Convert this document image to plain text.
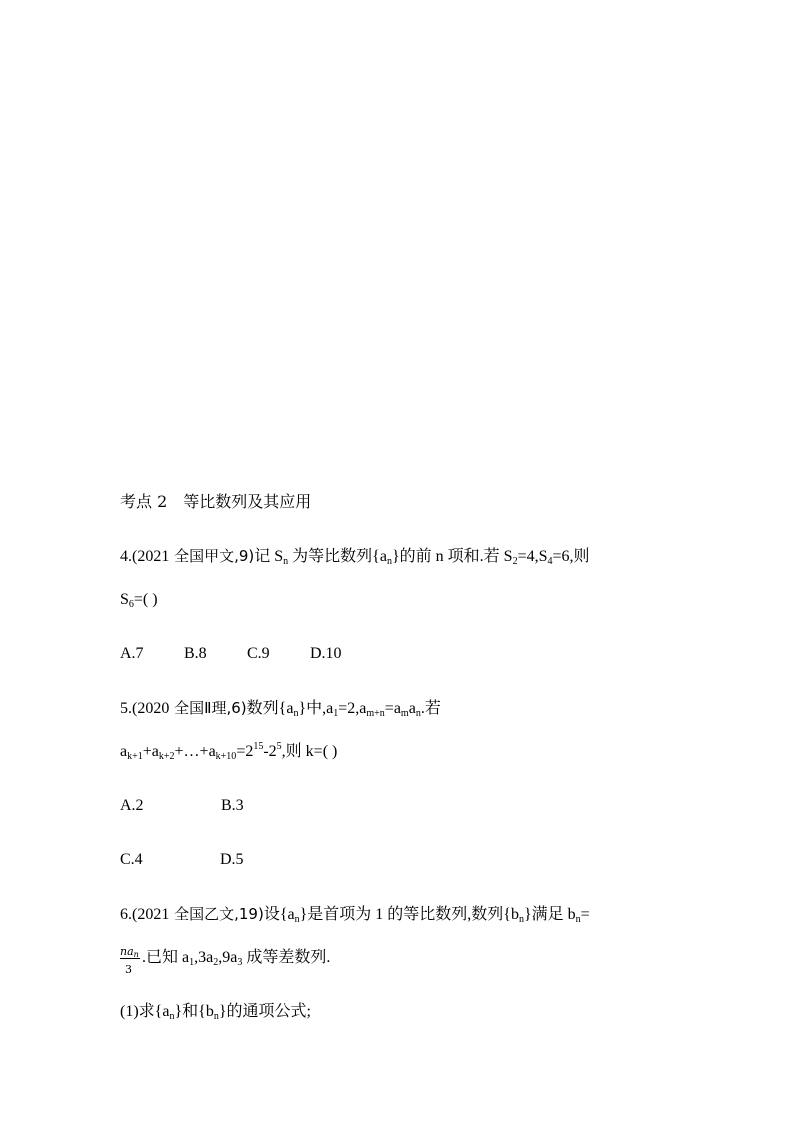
考点 2 等比数列及其应用
4.(2021 全国甲文,9)记 $S_n$ 为等比数列$\{a_n\}$的前 n 项和.若 $S_2=4,S_4=6$,则
$S_6=$( )
A.7	B.8	C.9	D.10
5.(2020 全国Ⅱ理,6)数列$\{a_n\}$中$,a_1=2,a_{m+n}=a_ma_n$.若
$a_{k+1}+a_{k+2}+\dots+a_{k+10}=2^{15}-2^5$,则 k=( )
A.2	B.3
C.4	D.5
6.(2021 全国乙文,19)设$\{a_n\}$是首项为 1 的等比数列,数列$\{b_n\}$满足 $b_n=$
$\frac{na_n}{3}$ .已知 $a_1,3a_2,9a_3$ 成等差数列.
(1)求$\{a_n\}$和$\{b_n\}$的通项公式;
